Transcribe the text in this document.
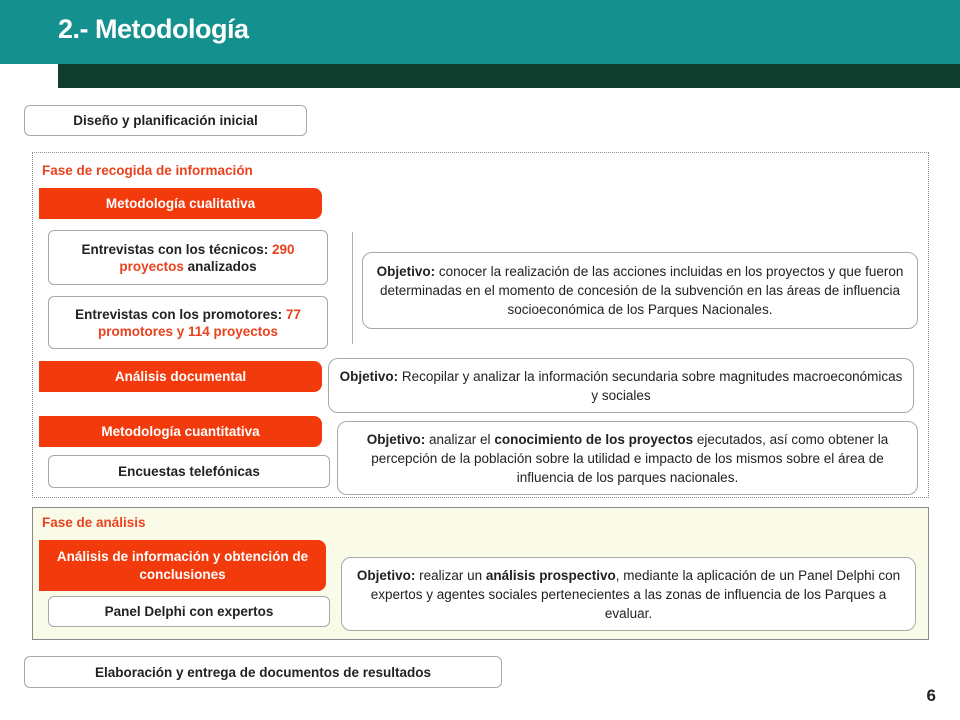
2.- Metodología
Diseño y planificación inicial
Fase de recogida de información
Metodología cualitativa
Entrevistas con los técnicos: 290
proyectos analizados
Entrevistas con los promotores: 77
promotores y 114 proyectos
Objetivo: conocer la realización de las acciones incluidas en los proyectos y que fueron determinadas en el momento de concesión de la subvención en las áreas de influencia socioeconómica de los Parques Nacionales.
Análisis documental	Objetivo: Recopilar y analizar la información secundaria sobre magnitudes macroeconómicas y sociales
Metodología cuantitativa
Encuestas telefónicas
Objetivo: analizar el conocimiento de los proyectos ejecutados, así como obtener la percepción de la población sobre la utilidad e impacto de los mismos sobre el área de influencia de los parques nacionales.
Fase de análisis
Análisis de información y obtención de conclusiones
Panel Delphi con expertos
Objetivo: realizar un análisis prospectivo, mediante la aplicación de un Panel Delphi con expertos y agentes sociales pertenecientes a las zonas de influencia de los Parques a evaluar.
Elaboración y entrega de documentos de resultados
6
